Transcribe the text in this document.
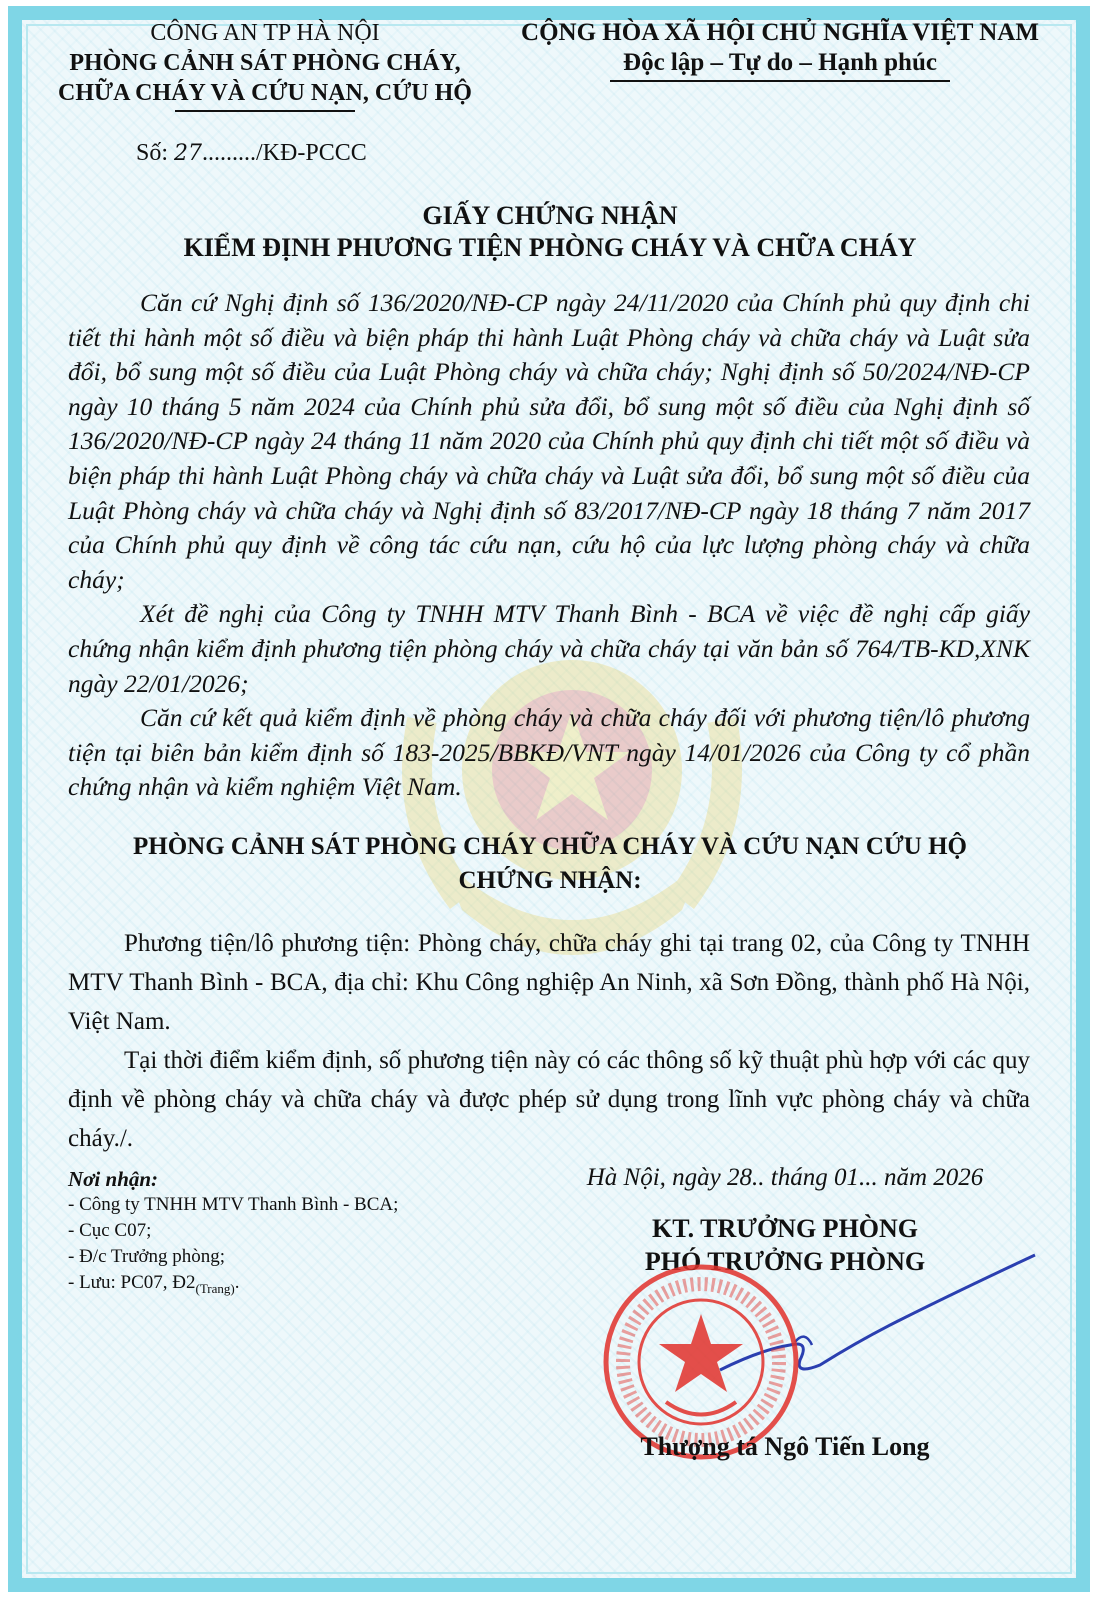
CÔNG AN TP HÀ NỘI
PHÒNG CẢNH SÁT PHÒNG CHÁY,
CHỮA CHÁY VÀ CỨU NẠN, CỨU HỘ
CỘNG HÒA XÃ HỘI CHỦ NGHĨA VIỆT NAM
Độc lập – Tự do – Hạnh phúc
Số: 27........./KĐ-PCCC
GIẤY CHỨNG NHẬN
KIỂM ĐỊNH PHƯƠNG TIỆN PHÒNG CHÁY VÀ CHỮA CHÁY

Căn cứ Nghị định số 136/2020/NĐ-CP ngày 24/11/2020 của Chính phủ quy định chi tiết thi hành một số điều và biện pháp thi hành Luật Phòng cháy và chữa cháy và Luật sửa đổi, bổ sung một số điều của Luật Phòng cháy và chữa cháy; Nghị định số 50/2024/NĐ-CP ngày 10 tháng 5 năm 2024 của Chính phủ sửa đổi, bổ sung một số điều của Nghị định số 136/2020/NĐ-CP ngày 24 tháng 11 năm 2020 của Chính phủ quy định chi tiết một số điều và biện pháp thi hành Luật Phòng cháy và chữa cháy và Luật sửa đổi, bổ sung một số điều của Luật Phòng cháy và chữa cháy và Nghị định số 83/2017/NĐ-CP ngày 18 tháng 7 năm 2017 của Chính phủ quy định về công tác cứu nạn, cứu hộ của lực lượng phòng cháy và chữa cháy;

Xét đề nghị của Công ty TNHH MTV Thanh Bình - BCA về việc đề nghị cấp giấy chứng nhận kiểm định phương tiện phòng cháy và chữa cháy tại văn bản số 764/TB-KD,XNK ngày 22/01/2026;

Căn cứ kết quả kiểm định về phòng cháy và chữa cháy đối với phương tiện/lô phương tiện tại biên bản kiểm định số 183-2025/BBKĐ/VNT ngày 14/01/2026 của Công ty cổ phần chứng nhận và kiểm nghiệm Việt Nam.

PHÒNG CẢNH SÁT PHÒNG CHÁY CHỮA CHÁY VÀ CỨU NẠN CỨU HỘ
CHỨNG NHẬN:

Phương tiện/lô phương tiện: Phòng cháy, chữa cháy ghi tại trang 02, của Công ty TNHH MTV Thanh Bình - BCA, địa chỉ: Khu Công nghiệp An Ninh, xã Sơn Đồng, thành phố Hà Nội, Việt Nam.

Tại thời điểm kiểm định, số phương tiện này có các thông số kỹ thuật phù hợp với các quy định về phòng cháy và chữa cháy và được phép sử dụng trong lĩnh vực phòng cháy và chữa cháy./.

Nơi nhận:
- Công ty TNHH MTV Thanh Bình - BCA;
- Cục C07;
- Đ/c Trưởng phòng;
- Lưu: PC07, $Đ2_{(Trang)}$.
Hà Nội, ngày 28.. tháng 01... năm 2026
KT. TRƯỞNG PHÒNG
PHÓ TRƯỞNG PHÒNG
Thượng tá Ngô Tiến Long
